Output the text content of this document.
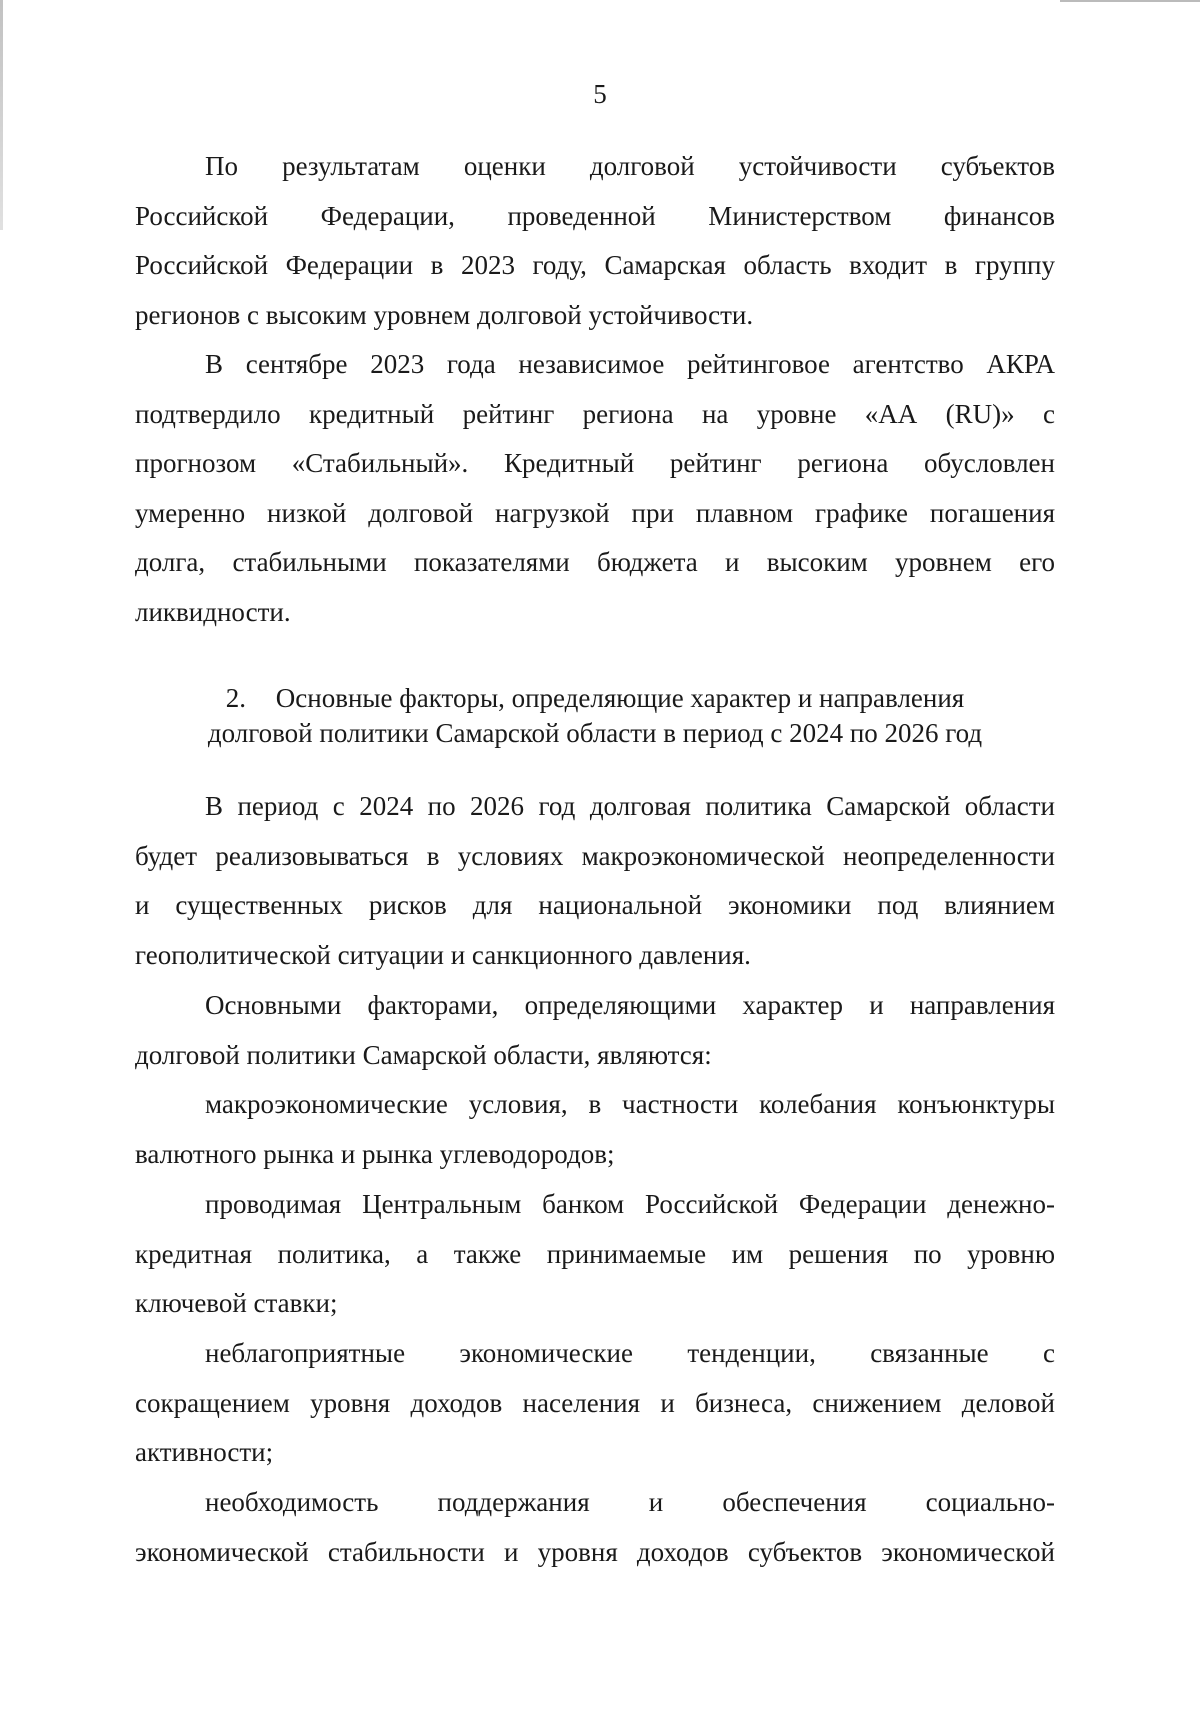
5
По результатам оценки долговой устойчивости субъектов
Российской Федерации, проведенной Министерством финансов
Российской Федерации в 2023 году, Самарская область входит в группу
регионов с высоким уровнем долговой устойчивости.
В сентябре 2023 года независимое рейтинговое агентство АКРА
подтвердило кредитный рейтинг региона на уровне «АА (RU)» с
прогнозом «Стабильный». Кредитный рейтинг региона обусловлен
умеренно низкой долговой нагрузкой при плавном графике погашения
долга, стабильными показателями бюджета и высоким уровнем его
ликвидности.
2. Основные факторы, определяющие характер и направления
долговой политики Самарской области в период с 2024 по 2026 год
В период с 2024 по 2026 год долговая политика Самарской области
будет реализовываться в условиях макроэкономической неопределенности
и существенных рисков для национальной экономики под влиянием
геополитической ситуации и санкционного давления.
Основными факторами, определяющими характер и направления
долговой политики Самарской области, являются:
макроэкономические условия, в частности колебания конъюнктуры
валютного рынка и рынка углеводородов;
проводимая Центральным банком Российской Федерации денежно-
кредитная политика, а также принимаемые им решения по уровню
ключевой ставки;
неблагоприятные экономические тенденции, связанные с
сокращением уровня доходов населения и бизнеса, снижением деловой
активности;
необходимость поддержания и обеспечения социально-
экономической стабильности и уровня доходов субъектов экономической
